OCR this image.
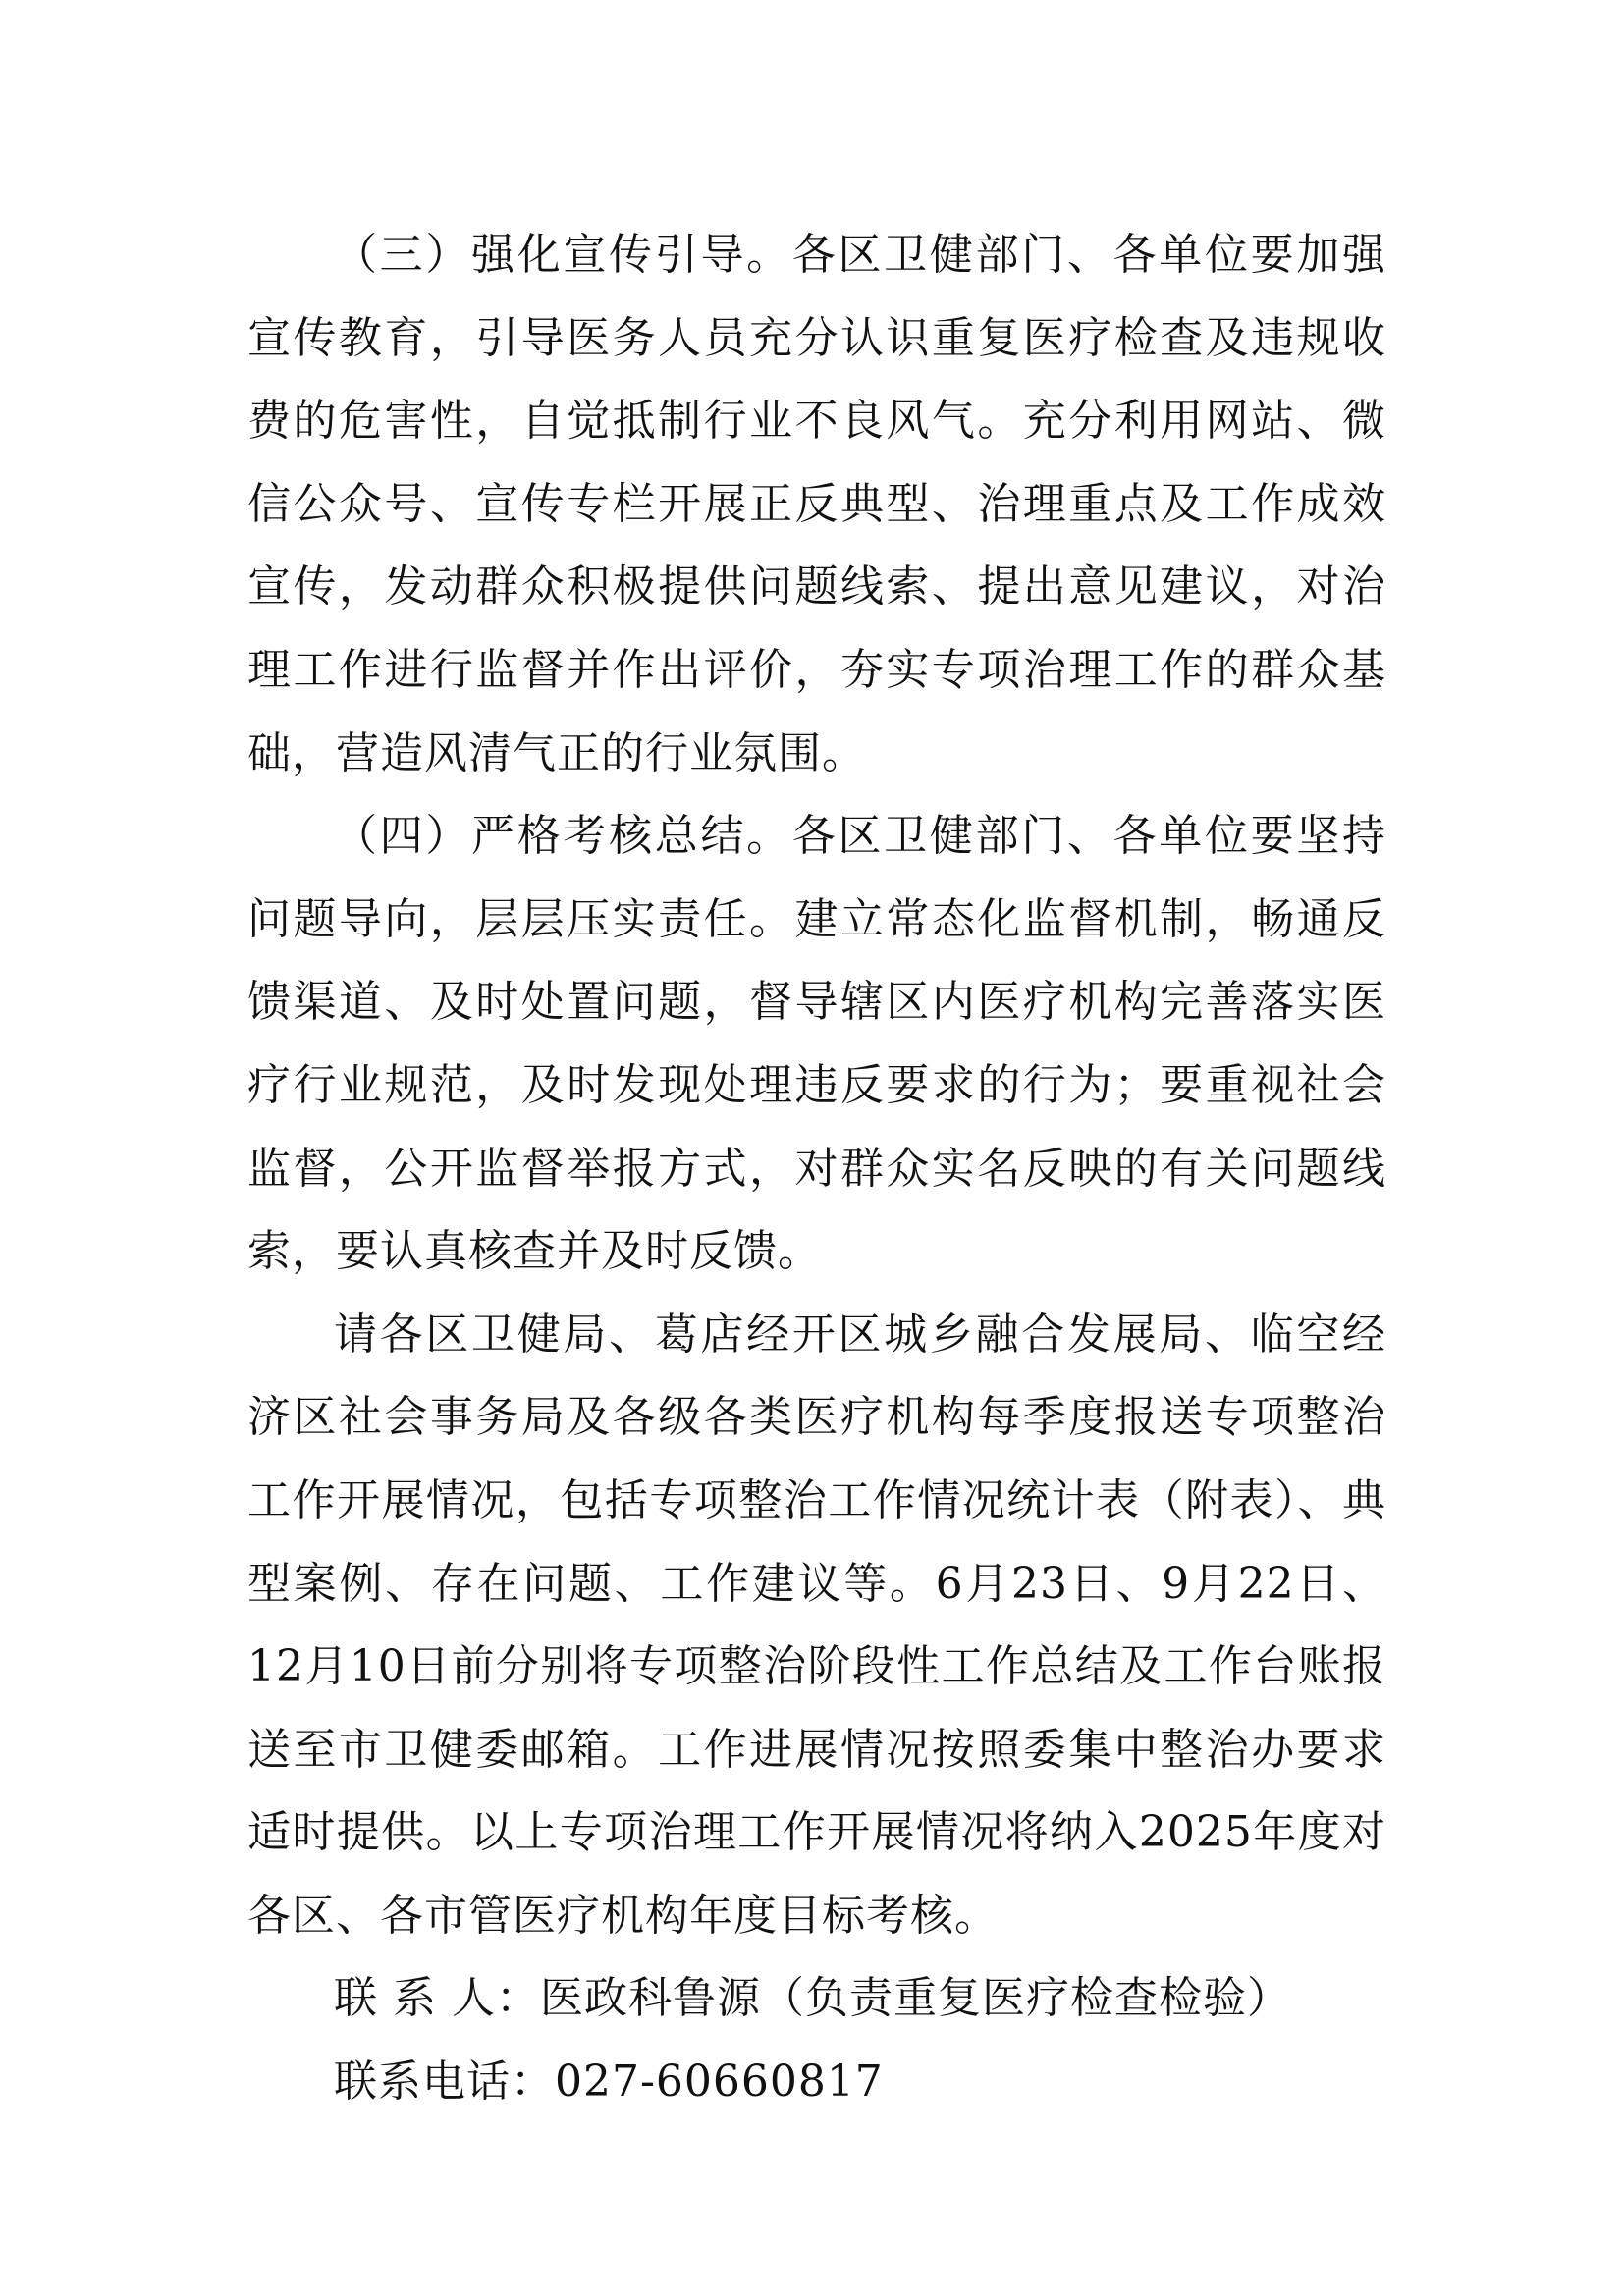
（三）强化宣传引导。各区卫健部门、各单位要加强宣传教育，引导医务人员充分认识重复医疗检查及违规收费的危害性，自觉抵制行业不良风气。充分利用网站、微信公众号、宣传专栏开展正反典型、治理重点及工作成效宣传，发动群众积极提供问题线索、提出意见建议，对治理工作进行监督并作出评价，夯实专项治理工作的群众基础，营造风清气正的行业氛围。

（四）严格考核总结。各区卫健部门、各单位要坚持问题导向，层层压实责任。建立常态化监督机制，畅通反馈渠道、及时处置问题，督导辖区内医疗机构完善落实医疗行业规范，及时发现处理违反要求的行为；要重视社会监督，公开监督举报方式，对群众实名反映的有关问题线索，要认真核查并及时反馈。

请各区卫健局、葛店经开区城乡融合发展局、临空经济区社会事务局及各级各类医疗机构每季度报送专项整治工作开展情况，包括专项整治工作情况统计表（附表）、典型案例、存在问题、工作建议等。6月23日、9月22日、12月10日前分别将专项整治阶段性工作总结及工作台账报送至市卫健委邮箱。工作进展情况按照委集中整治办要求适时提供。以上专项治理工作开展情况将纳入2025年度对各区、各市管医疗机构年度目标考核。

联 系 人：医政科鲁源（负责重复医疗检查检验）

联系电话：027-60660817
